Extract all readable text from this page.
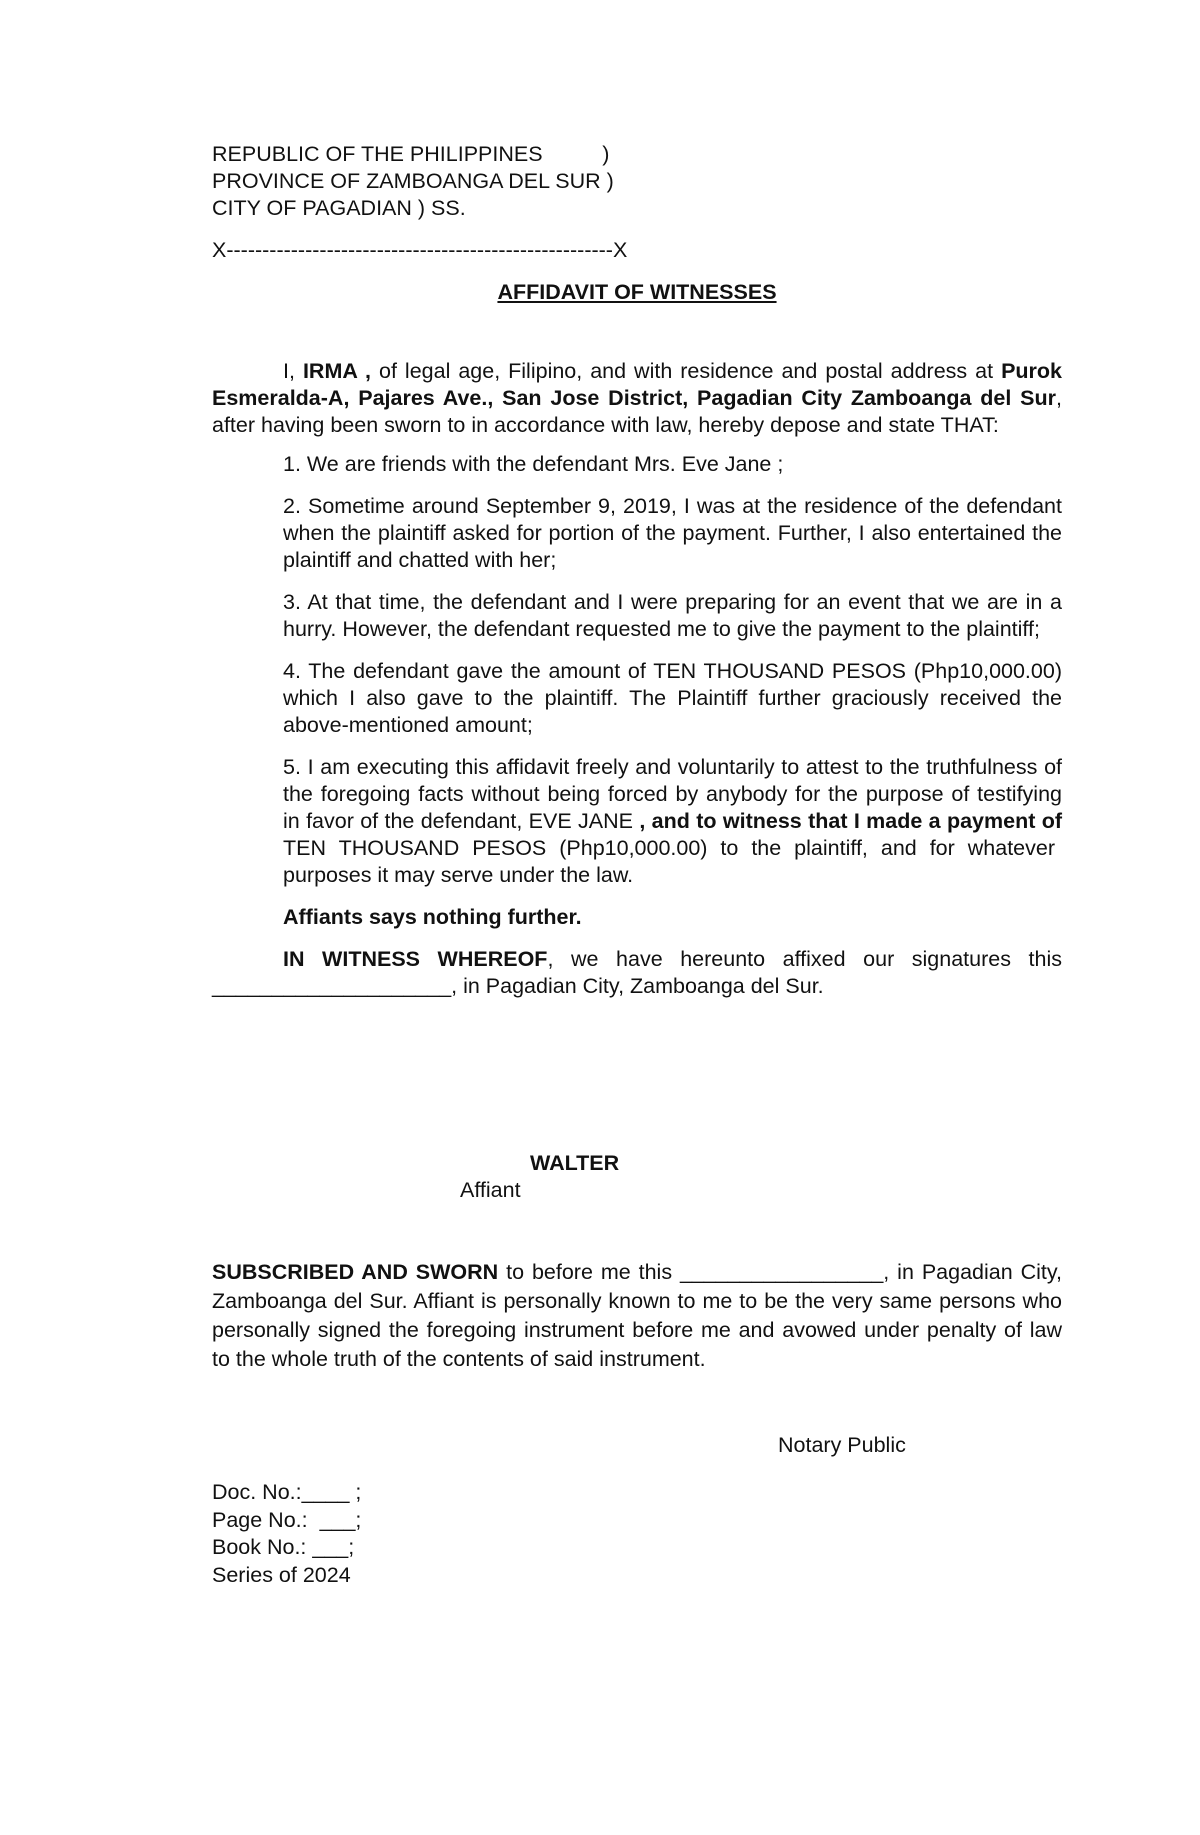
REPUBLIC OF THE PHILIPPINES          )
PROVINCE OF ZAMBOANGA DEL SUR )
CITY OF PAGADIAN ) SS.
X------------------------------------------------------X
AFFIDAVIT OF WITNESSES
I, IRMA , of legal age, Filipino, and with residence and postal address at Purok Esmeralda-A, Pajares Ave., San Jose District, Pagadian City Zamboanga del Sur, after having been sworn to in accordance with law, hereby depose and state THAT:
1. We are friends with the defendant Mrs. Eve Jane ;
2. Sometime around September 9, 2019, I was at the residence of the defendant when the plaintiff asked for portion of the payment. Further, I also entertained the plaintiff and chatted with her;
3. At that time, the defendant and I were preparing for an event that we are in a hurry. However, the defendant requested me to give the payment to the plaintiff;
4. The defendant gave the amount of TEN THOUSAND PESOS (Php10,000.00) which I also gave to the plaintiff. The Plaintiff further graciously received the above-mentioned amount;
5. I am executing this affidavit freely and voluntarily to attest to the truthfulness of the foregoing facts without being forced by anybody for the purpose of testifying in favor of the defendant, EVE JANE , and to witness that I made a payment of TEN THOUSAND PESOS (Php10,000.00) to the plaintiff, and for whatever purposes it may serve under the law.
Affiants says nothing further.
IN WITNESS WHEREOF, we have hereunto affixed our signatures this ____________________, in Pagadian City, Zamboanga del Sur.
WALTER
Affiant
SUBSCRIBED AND SWORN to before me this _________________, in Pagadian City, Zamboanga del Sur. Affiant is personally known to me to be the very same persons who personally signed the foregoing instrument before me and avowed under penalty of law to the whole truth of the contents of said instrument.
Notary Public
Doc. No.:____ ;
Page No.:  ___;
Book No.: ___;
Series of 2024
